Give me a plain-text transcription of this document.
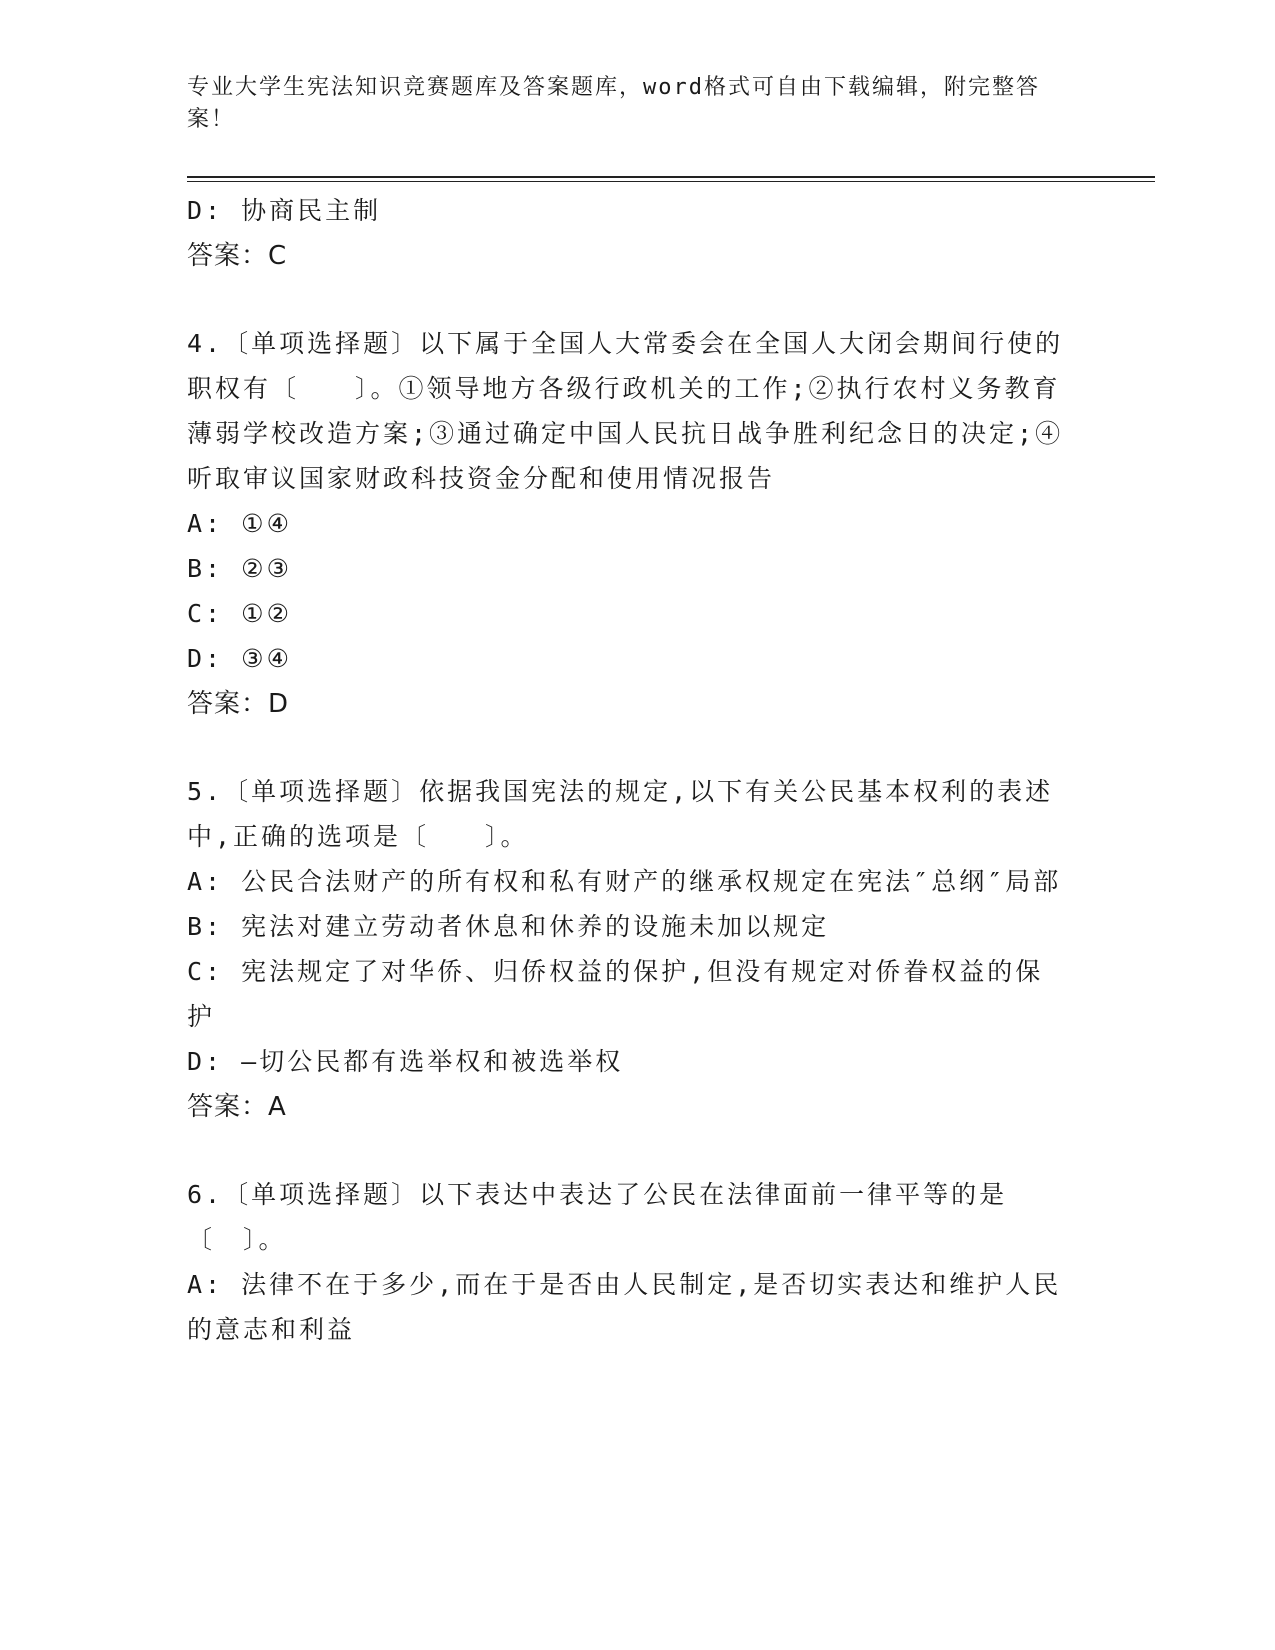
专业大学生宪法知识竞赛题库及答案题库，word格式可自由下载编辑，附完整答案！
D: 协商民主制
答案：C
4.〔单项选择题〕以下属于全国人大常委会在全国人大闭会期间行使的职权有〔　　〕。①领导地方各级行政机关的工作;②执行农村义务教育薄弱学校改造方案;③通过确定中国人民抗日战争胜利纪念日的决定;④听取审议国家财政科技资金分配和使用情况报告
A: ①④
B: ②③
C: ①②
D: ③④
答案：D
5.〔单项选择题〕依据我国宪法的规定,以下有关公民基本权利的表述中,正确的选项是〔　　〕。
A: 公民合法财产的所有权和私有财产的继承权规定在宪法″总纲″局部
B: 宪法对建立劳动者休息和休养的设施未加以规定
C: 宪法规定了对华侨、归侨权益的保护,但没有规定对侨眷权益的保护
D: —切公民都有选举权和被选举权
答案：A
6.〔单项选择题〕以下表达中表达了公民在法律面前一律平等的是〔　〕。
A: 法律不在于多少,而在于是否由人民制定,是否切实表达和维护人民的意志和利益
